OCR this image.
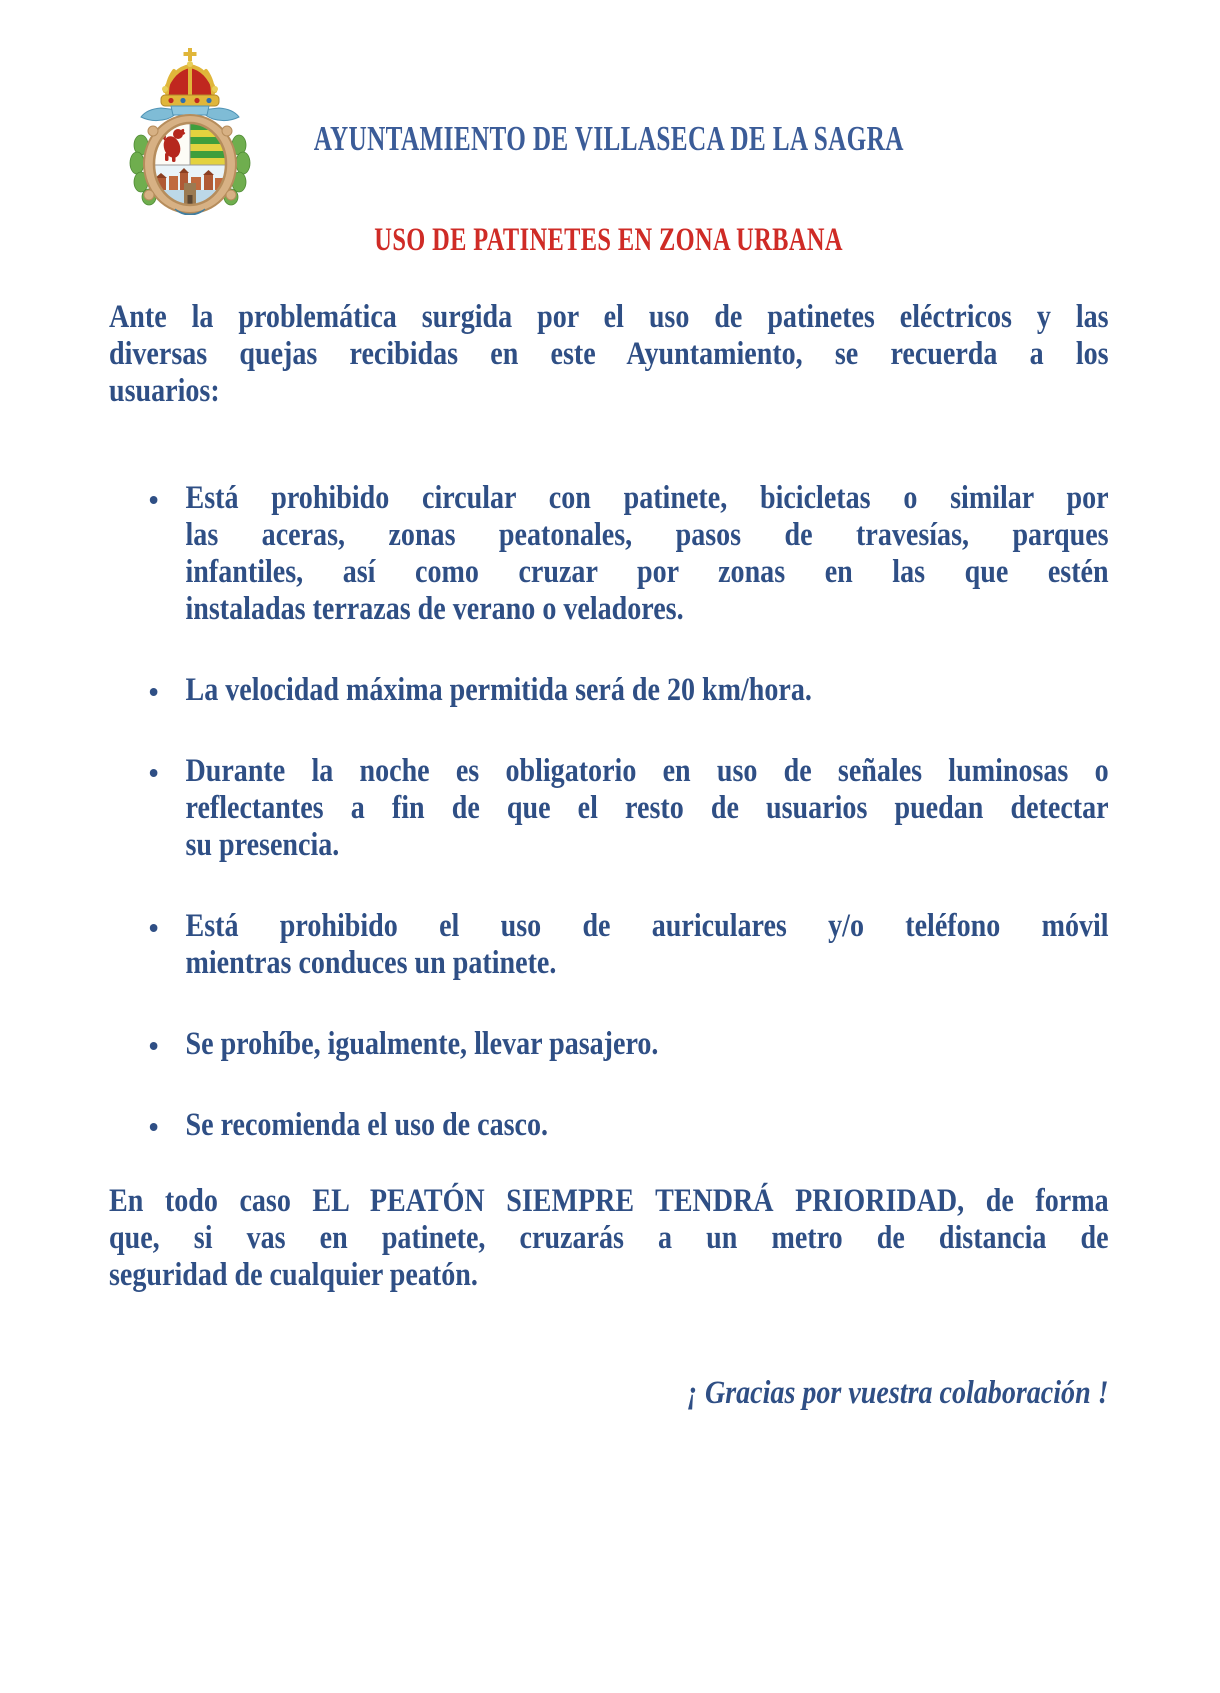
AYUNTAMIENTO DE VILLASECA DE LA SAGRA
USO DE PATINETES EN ZONA URBANA
Ante la problemática surgida por el uso de patinetes eléctricos y las
diversas quejas recibidas en este Ayuntamiento, se recuerda a los
usuarios:
Está prohibido circular con patinete, bicicletas o similar por
las aceras, zonas peatonales, pasos de travesías, parques
infantiles, así como cruzar por zonas en las que estén
instaladas terrazas de verano o veladores.
La velocidad máxima permitida será de 20 km/hora.
Durante la noche es obligatorio en uso de señales luminosas o
reflectantes a fin de que el resto de usuarios puedan detectar
su presencia.
Está prohibido el uso de auriculares y/o teléfono móvil
mientras conduces un patinete.
Se prohíbe, igualmente, llevar pasajero.
Se recomienda el uso de casco.
En todo caso EL PEATÓN SIEMPRE TENDRÁ PRIORIDAD, de forma
que, si vas en patinete, cruzarás a un metro de distancia de
seguridad de cualquier peatón.
¡ Gracias por vuestra colaboración !
